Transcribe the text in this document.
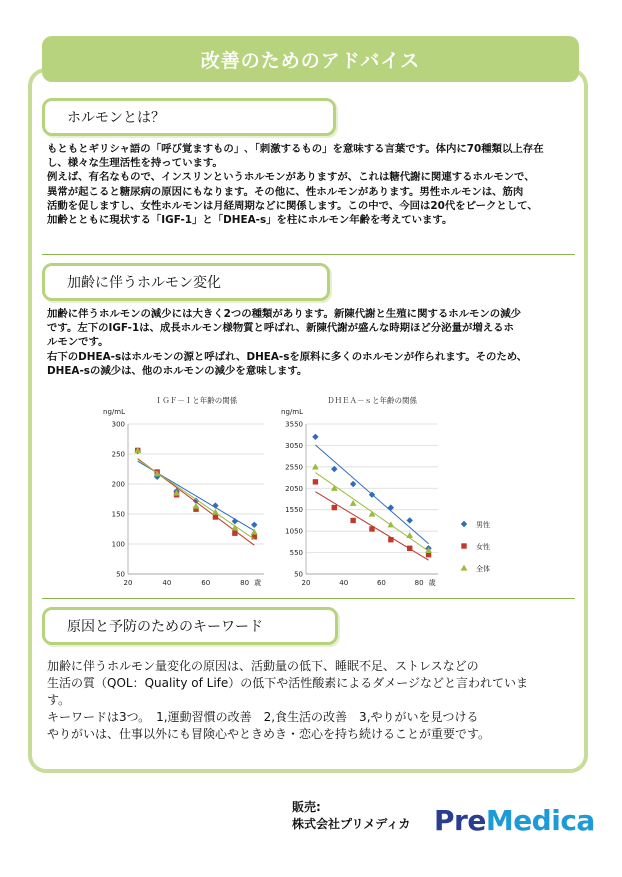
改善のためのアドバイス
ホルモンとは？
もともとギリシャ語の「呼び覚ますもの」､「刺激するもの」を意味する言葉です。体内に70種類以上存在
し、様々な生理活性を持っています。
例えば、有名なもので、インスリンというホルモンがありますが、これは糖代謝に関連するホルモンで、
異常が起こると糖尿病の原因にもなります。その他に、性ホルモンがあります。男性ホルモンは、筋肉
活動を促しますし、女性ホルモンは月経周期などに関係します。この中で、今回は20代をピークとして、
加齢とともに現状する「IGF-1」と「DHEA-s」を柱にホルモン年齢を考えています。
加齢に伴うホルモン変化
加齢に伴うホルモンの減少には大きく2つの種類があります。新陳代謝と生殖に関するホルモンの減少
です。左下のIGF-1は、成長ホルモン様物質と呼ばれ、新陳代謝が盛んな時期ほど分泌量が増えるホ
ルモンです。
右下のDHEA-sはホルモンの源と呼ばれ、DHEA-sを原料に多くのホルモンが作られます。そのため、
DHEA-sの減少は、他のホルモンの減少を意味します。
ＩＧＦ－Ｉと年齢の関係
ng/mL
50
100
150
200
250
300
20	40	60	80 歳
ＤＨＥＡ－ｓと年齢の関係
ng/mL
50
550
1050
1550
2050
2550
3050
3550
20	40	60	80 歳
男性
女性
全体
原因と予防のためのキーワード
加齢に伴うホルモン量変化の原因は、活動量の低下、睡眠不足、ストレスなどの
生活の質（QOL：Quality of Life）の低下や活性酸素によるダメージなどと言われていま
す。
キーワードは3つ。　1,運動習慣の改善　2,食生活の改善　3,やりがいを見つける
やりがいは、仕事以外にも冒険心やときめき・恋心を持ち続けることが重要です。
販売:
株式会社プリメディカ PreMedica
